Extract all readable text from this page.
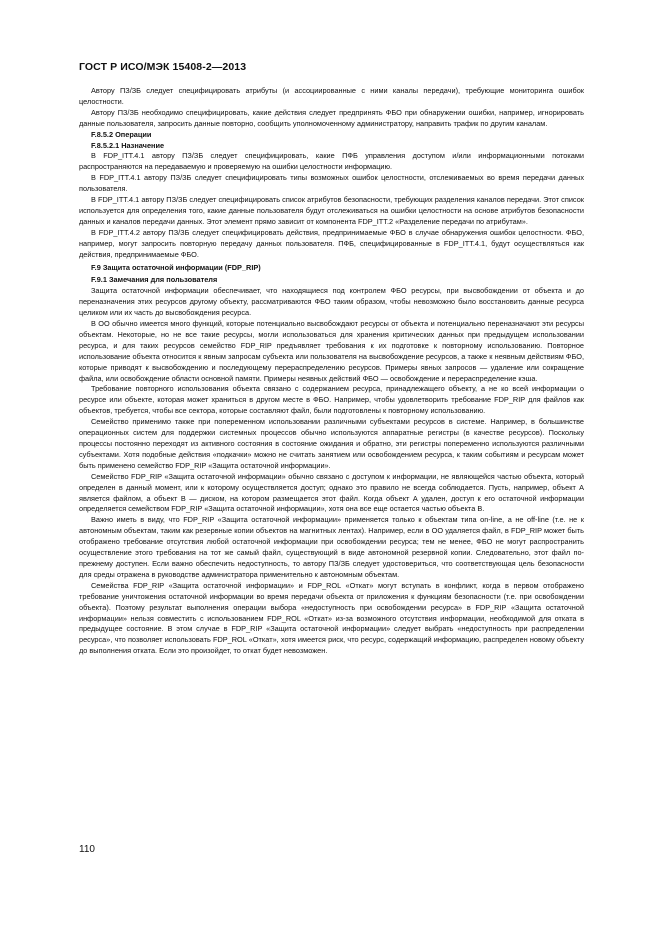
ГОСТ Р ИСО/МЭК 15408-2—2013

Автору ПЗ/ЗБ следует специфицировать атрибуты (и ассоциированные с ними каналы передачи), требующие мониторинга ошибок целостности.

Автору ПЗ/ЗБ необходимо специфицировать, какие действия следует предпринять ФБО при обнаружении ошибки, например, игнорировать данные пользователя, запросить данные повторно, сообщить уполномоченному администратору, направить трафик по другим каналам.

F.8.5.2 Операции
F.8.5.2.1 Назначение

В FDP_ITT.4.1 автору ПЗ/ЗБ следует специфицировать, какие ПФБ управления доступом и/или информационными потоками распространяются на передаваемую и проверяемую на ошибки целостности информацию.

В FDP_ITT.4.1 автору ПЗ/ЗБ следует специфицировать типы возможных ошибок целостности, отслеживаемых во время передачи данных пользователя.

В FDP_ITT.4.1 автору ПЗ/ЗБ следует специфицировать список атрибутов безопасности, требующих разделения каналов передачи. Этот список используется для определения того, какие данные пользователя будут отслеживаться на ошибки целостности на основе атрибутов безопасности данных и каналов передачи данных. Этот элемент прямо зависит от компонента FDP_ITT.2 «Разделение передачи по атрибутам».

В FDP_ITT.4.2 автору ПЗ/ЗБ следует специфицировать действия, предпринимаемые ФБО в случае обнаружения ошибок целостности. ФБО, например, могут запросить повторную передачу данных пользователя. ПФБ, специфицированные в FDP_ITT.4.1, будут осуществляться как действия, предпринимаемые ФБО.

F.9 Защита остаточной информации (FDP_RIP)
F.9.1 Замечания для пользователя

Защита остаточной информации обеспечивает, что находящиеся под контролем ФБО ресурсы, при высвобождении от объекта и до переназначения этих ресурсов другому объекту, рассматриваются ФБО таким образом, чтобы невозможно было восстановить данные ресурса целиком или их часть до высвобождения ресурса.

В ОО обычно имеется много функций, которые потенциально высвобождают ресурсы от объекта и потенциально переназначают эти ресурсы объектам. Некоторые, но не все такие ресурсы, могли использоваться для хранения критических данных при предыдущем использовании ресурса, и для таких ресурсов семейство FDP_RIP предъявляет требования к их подготовке к повторному использованию. Повторное использование объекта относится к явным запросам субъекта или пользователя на высвобождение ресурсов, а также к неявным действиям ФБО, которые приводят к высвобождению и последующему перераспределению ресурсов. Примеры явных запросов — удаление или сокращение файла, или освобождение области основной памяти. Примеры неявных действий ФБО — освобождение и перераспределение кэша.

Требование повторного использования объекта связано с содержанием ресурса, принадлежащего объекту, а не ко всей информации о ресурсе или объекте, которая может храниться в другом месте в ФБО. Например, чтобы удовлетворить требование FDP_RIP для файлов как объектов, требуется, чтобы все сектора, которые составляют файл, были подготовлены к повторному использованию.

Семейство применимо также при попеременном использовании различными субъектами ресурсов в системе. Например, в большинстве операционных систем для поддержки системных процессов обычно используются аппаратные регистры (в качестве ресурсов). Поскольку процессы постоянно переходят из активного состояния в состояние ожидания и обратно, эти регистры попеременно используются различными субъектами. Хотя подобные действия «подкачки» можно не считать занятием или освобождением ресурса, к таким событиям и ресурсам может быть применено семейство FDP_RIP «Защита остаточной информации».

Семейство FDP_RIP «Защита остаточной информации» обычно связано с доступом к информации, не являющейся частью объекта, который определен в данный момент, или к которому осуществляется доступ; однако это правило не всегда соблюдается. Пусть, например, объект А является файлом, а объект В — диском, на котором размещается этот файл. Когда объект А удален, доступ к его остаточной информации определяется семейством FDP_RIP «Защита остаточной информации», хотя она все еще остается частью объекта В.

Важно иметь в виду, что FDP_RIP «Защита остаточной информации» применяется только к объектам типа on-line, а не off-line (т.е. не к автономным объектам, таким как резервные копии объектов на магнитных лентах). Например, если в ОО удаляется файл, в FDP_RIP может быть отображено требование отсутствия любой остаточной информации при освобождении ресурса; тем не менее, ФБО не могут распространить осуществление этого требования на тот же самый файл, существующий в виде автономной резервной копии. Следовательно, этот файл по-прежнему доступен. Если важно обеспечить недоступность, то автору ПЗ/ЗБ следует удостовериться, что соответствующая цель безопасности для среды отражена в руководстве администратора применительно к автономным объектам.

Семейства FDP_RIP «Защита остаточной информации» и FDP_ROL «Откат» могут вступать в конфликт, когда в первом отображено требование уничтожения остаточной информации во время передачи объекта от приложения к функциям безопасности (т.е. при освобождении объекта). Поэтому результат выполнения операции выбора «недоступность при освобождении ресурса» в FDP_RIP «Защита остаточной информации» нельзя совместить с использованием FDP_ROL «Откат» из-за возможного отсутствия информации, необходимой для отката в предыдущее состояние. В этом случае в FDP_RIP «Защита остаточной информации» следует выбрать «недоступность при распределении ресурса», что позволяет использовать FDP_ROL «Откат», хотя имеется риск, что ресурс, содержащий информацию, распределен новому объекту до выполнения отката. Если это произойдет, то откат будет невозможен.

110
